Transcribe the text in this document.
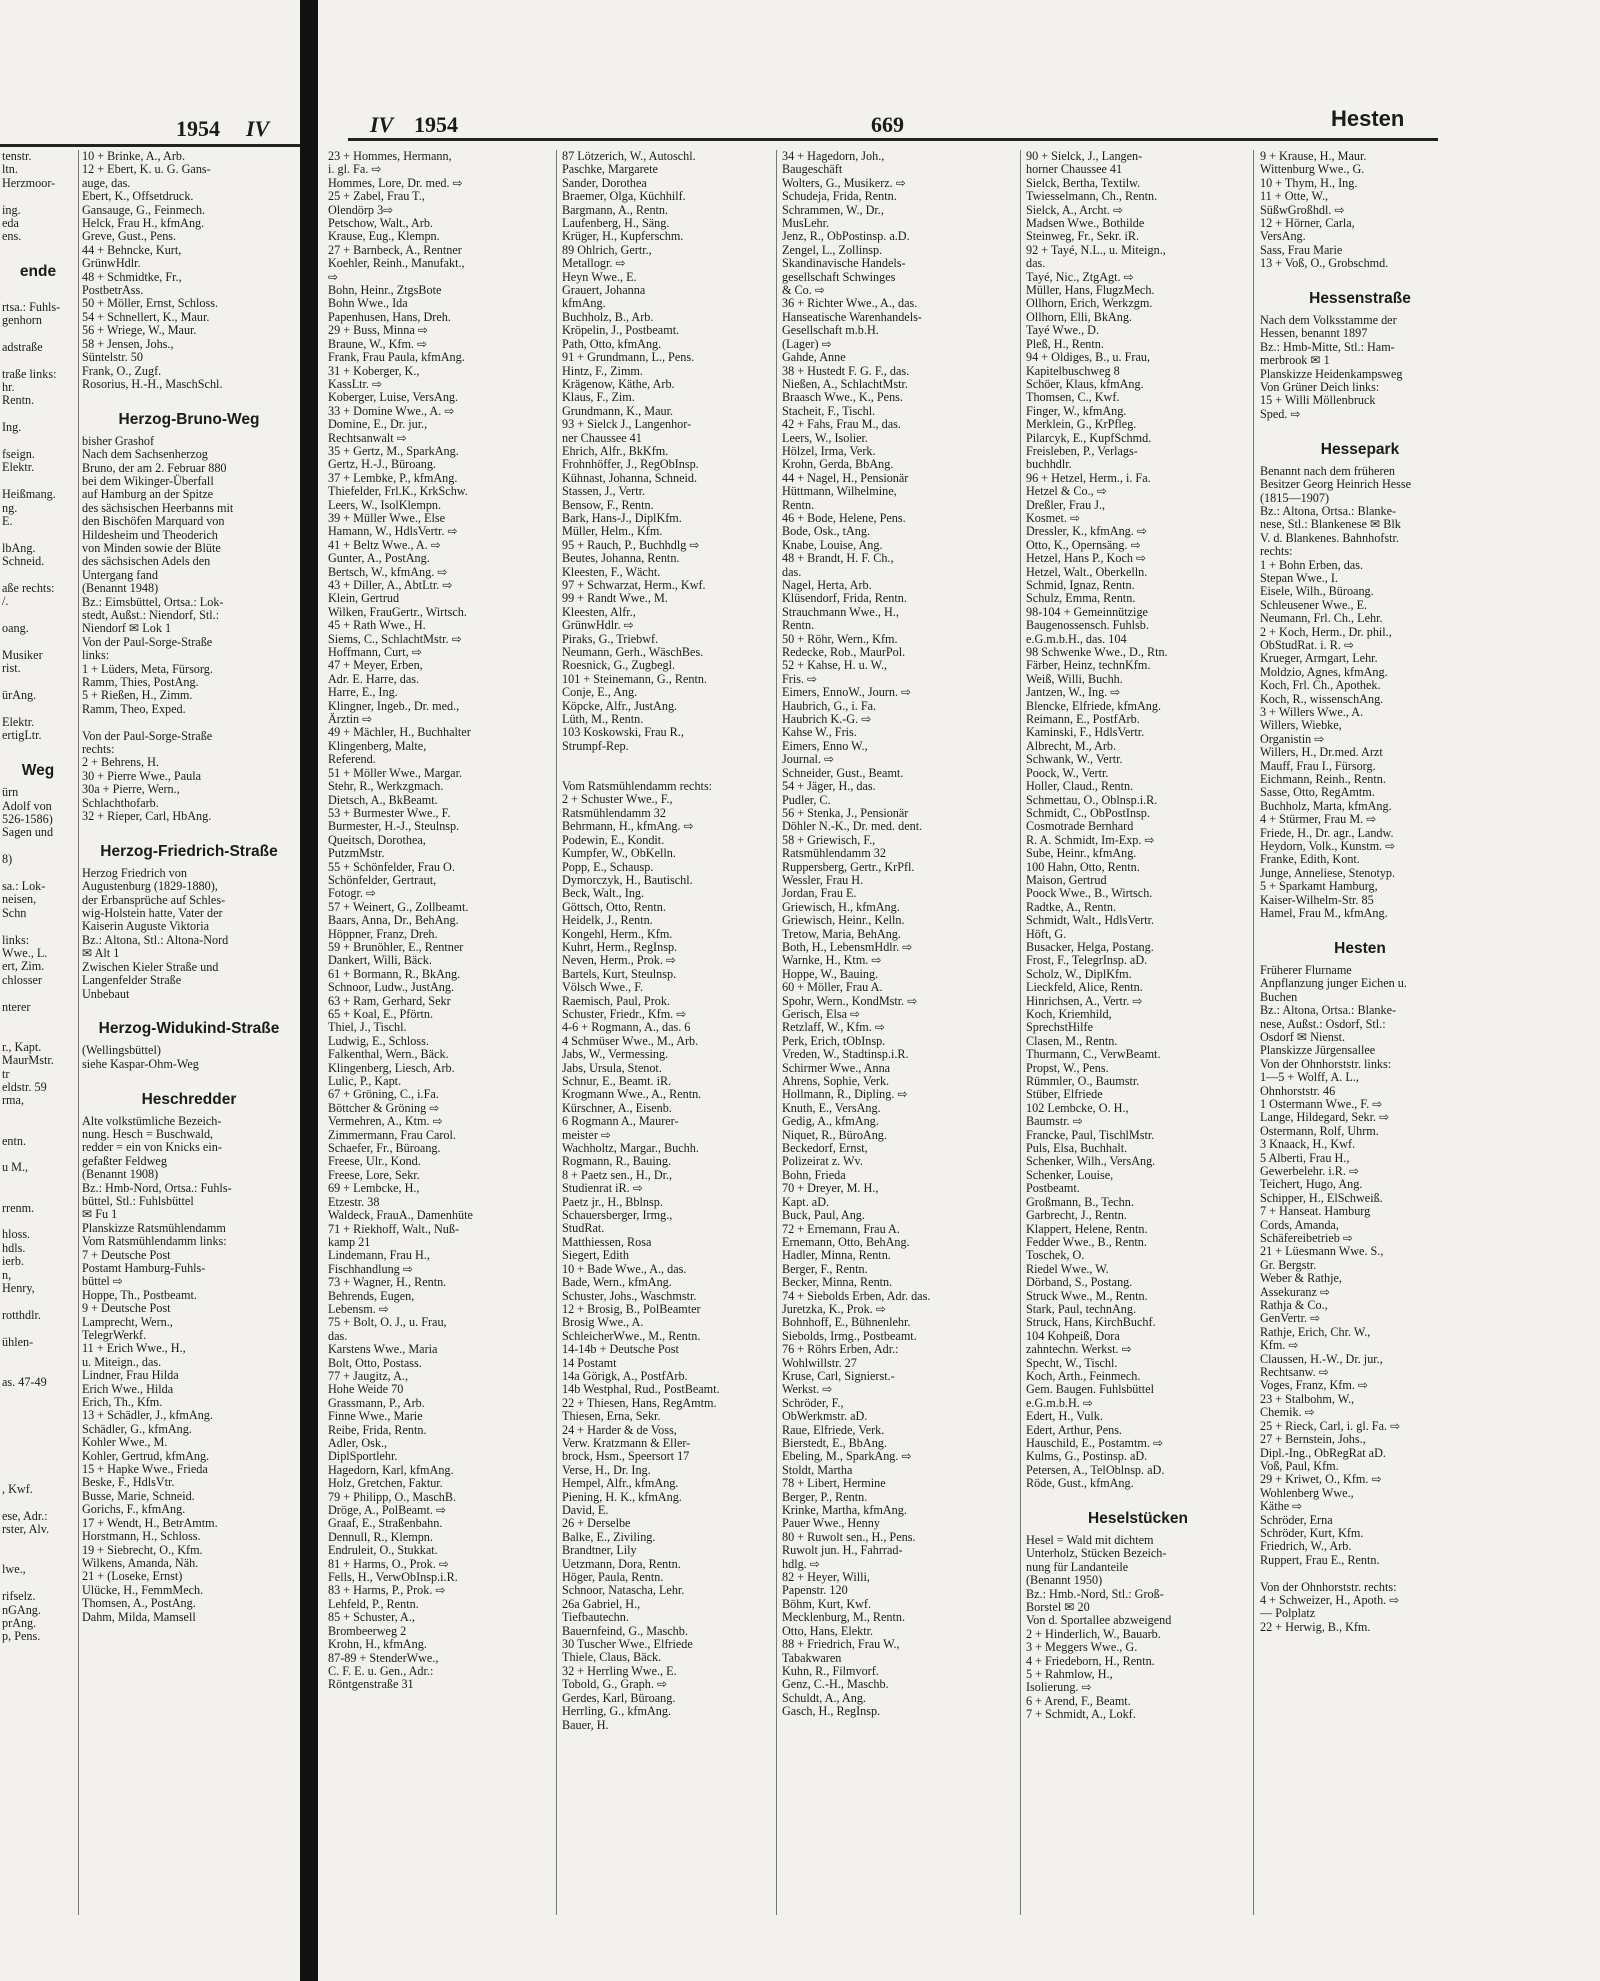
1954 IV
tenstr.
ltn.
Herzmoor-
ing.
eda
ens.
ende
rtsa.: Fuhls-
genhorn
adstraße
traße links:
hr.
Rentn.
Ing.
fseign.
Elektr.
Heißmang.
ng.
E.
lbAng.
Schneid.
aße rechts:
/.
oang.
Musiker
rist.
ürAng.
Elektr.
ertigLtr.
Weg
ürn
Adolf von
526-1586)
Sagen und
8)
sa.: Lok-
neisen,
Schn
links:
Wwe., L.
ert, Zim.
chlosser
nterer
r., Kapt.
MaurMstr.
tr
eldstr. 59
rma,
entn.
u M.,
rrenm.
hloss.
hdls.
ierb.
n,
Henry,
rotthdlr.
ühlen-
as. 47-49
, Kwf.
ese, Adr.:
rster, Alv.
lwe.,
rifselz.
nGAng.
prAng.
p, Pens.
10 + Brinke, A., Arb.
12 + Ebert, K. u. G. Gans-
auge, das.
Ebert, K., Offsetdruck.
Gansauge, G., Feinmech.
Helck, Frau H., kfmAng.
Greve, Gust., Pens.
44 + Behncke, Kurt,
GrünwHdlr.
48 + Schmidtke, Fr.,
PostbetrAss.
50 + Möller, Ernst, Schloss.
54 + Schnellert, K., Maur.
56 + Wriege, W., Maur.
58 + Jensen, Johs.,
Süntelstr. 50
Frank, O., Zugf.
Rosorius, H.-H., MaschSchl.
Herzog-Bruno-Weg
bisher Grashof
Nach dem Sachsenherzog
Bruno, der am 2. Februar 880
bei dem Wikinger-Überfall
auf Hamburg an der Spitze
des sächsischen Heerbanns mit
den Bischöfen Marquard von
Hildesheim und Theoderich
von Minden sowie der Blüte
des sächsischen Adels den
Untergang fand
(Benannt 1948)
Bz.: Eimsbüttel, Ortsa.: Lok-
stedt, Außst.: Niendorf, Stl.:
Niendorf ✉ Lok 1
Von der Paul-Sorge-Straße
links:
1 + Lüders, Meta, Fürsorg.
Ramm, Thies, PostAng.
5 + Rießen, H., Zimm.
Ramm, Theo, Exped.
Von der Paul-Sorge-Straße
rechts:
2 + Behrens, H.
30 + Pierre Wwe., Paula
30a + Pierre, Wern.,
Schlachthofarb.
32 + Rieper, Carl, HbAng.
Herzog-Friedrich-Straße
Herzog Friedrich von
Augustenburg (1829-1880),
der Erbansprüche auf Schles-
wig-Holstein hatte, Vater der
Kaiserin Auguste Viktoria
Bz.: Altona, Stl.: Altona-Nord
✉ Alt 1
Zwischen Kieler Straße und
Langenfelder Straße
Unbebaut
Herzog-Widukind-Straße
(Wellingsbüttel)
siehe Kaspar-Ohm-Weg
Heschredder
Alte volkstümliche Bezeich-
nung. Hesch = Buschwald,
redder = ein von Knicks ein-
gefaßter Feldweg
(Benannt 1908)
Bz.: Hmb-Nord, Ortsa.: Fuhls-
büttel, Stl.: Fuhlsbüttel
✉ Fu 1
Planskizze Ratsmühlendamm
Vom Ratsmühlendamm links:
7 + Deutsche Post
Postamt Hamburg-Fuhls-
büttel ⇨
Hoppe, Th., Postbeamt.
9 + Deutsche Post
Lamprecht, Wern.,
TelegrWerkf.
11 + Erich Wwe., H.,
u. Miteign., das.
Lindner, Frau Hilda
Erich Wwe., Hilda
Erich, Th., Kfm.
13 + Schädler, J., kfmAng.
Schädler, G., kfmAng.
Kohler Wwe., M.
Kohler, Gertrud, kfmAng.
15 + Hapke Wwe., Frieda
Beske, F., HdlsVtr.
Busse, Marie, Schneid.
Gorichs, F., kfmAng.
17 + Wendt, H., BetrAmtm.
Horstmann, H., Schloss.
19 + Siebrecht, O., Kfm.
Wilkens, Amanda, Näh.
21 + (Loseke, Ernst)
Ulücke, H., FemmMech.
Thomsen, A., PostAng.
Dahm, Milda, Mamsell
IV 1954	669	Hesten
23 + Hommes, Hermann,
i. gl. Fa. ⇨
Hommes, Lore, Dr. med. ⇨
25 + Zabel, Frau T.,
Olendörp 3⇨
Petschow, Walt., Arb.
Krause, Eug., Klempn.
27 + Barnbeck, A., Rentner
Koehler, Reinh., Manufakt.,
⇨
Bohn, Heinr., ZtgsBote
Bohn Wwe., Ida
Papenhusen, Hans, Dreh.
29 + Buss, Minna ⇨
Braune, W., Kfm. ⇨
Frank, Frau Paula, kfmAng.
31 + Koberger, K.,
KassLtr. ⇨
Koberger, Luise, VersAng.
33 + Domine Wwe., A. ⇨
Domine, E., Dr. jur.,
Rechtsanwalt ⇨
35 + Gertz, M., SparkAng.
Gertz, H.-J., Büroang.
37 + Lembke, P., kfmAng.
Thiefelder, Frl.K., KrkSchw.
Leers, W., IsolKlempn.
39 + Müller Wwe., Else
Hamann, W., HdlsVertr. ⇨
41 + Beltz Wwe., A. ⇨
Gunter, A., PostAng.
Bertsch, W., kfmAng. ⇨
43 + Diller, A., AbtLtr. ⇨
Klein, Gertrud
Wilken, FrauGertr., Wirtsch.
45 + Rath Wwe., H.
Siems, C., SchlachtMstr. ⇨
Hoffmann, Curt, ⇨
47 + Meyer, Erben,
Adr. E. Harre, das.
Harre, E., Ing.
Klingner, Ingeb., Dr. med.,
Ärztin ⇨
49 + Mächler, H., Buchhalter
Klingenberg, Malte,
Referend.
51 + Möller Wwe., Margar.
Stehr, R., Werkzgmach.
Dietsch, A., BkBeamt.
53 + Burmester Wwe., F.
Burmester, H.-J., Steulnsp.
Queitsch, Dorothea,
PutzmMstr.
55 + Schönfelder, Frau O.
Schönfelder, Gertraut,
Fotogr. ⇨
57 + Weinert, G., Zollbeamt.
Baars, Anna, Dr., BehAng.
Höppner, Franz, Dreh.
59 + Brunöhler, E., Rentner
Dankert, Willi, Bäck.
61 + Bormann, R., BkAng.
Schnoor, Ludw., JustAng.
63 + Ram, Gerhard, Sekr
65 + Koal, E., Pförtn.
Thiel, J., Tischl.
Ludwig, E., Schloss.
Falkenthal, Wern., Bäck.
Klingenberg, Liesch, Arb.
Lulic, P., Kapt.
67 + Gröning, C., i.Fa.
Böttcher & Gröning ⇨
Vermehren, A., Ktm. ⇨
Zimmermann, Frau Carol.
Schaefer, Fr., Büroang.
Freese, Ulr., Kond.
Freese, Lore, Sekr.
69 + Lembcke, H.,
Etzestr. 38
Waldeck, FrauA., Damenhüte
71 + Riekhoff, Walt., Nuß-
kamp 21
Lindemann, Frau H.,
Fischhandlung ⇨
73 + Wagner, H., Rentn.
Behrends, Eugen,
Lebensm. ⇨
75 + Bolt, O. J., u. Frau,
das.
Karstens Wwe., Maria
Bolt, Otto, Postass.
77 + Jaugitz, A.,
Hohe Weide 70
Grassmann, P., Arb.
Finne Wwe., Marie
Reibe, Frida, Rentn.
Adler, Osk.,
DiplSportlehr.
Hagedorn, Karl, kfmAng.
Holz, Gretchen, Faktur.
79 + Philipp, O., MaschB.
Dröge, A., PolBeamt. ⇨
Graaf, E., Straßenbahn.
Dennull, R., Klempn.
Endruleit, O., Stukkat.
81 + Harms, O., Prok. ⇨
Fells, H., VerwObInsp.i.R.
83 + Harms, P., Prok. ⇨
Lehfeld, P., Rentn.
85 + Schuster, A.,
Brombeerweg 2
Krohn, H., kfmAng.
87-89 + StenderWwe.,
C. F. E. u. Gen., Adr.:
Röntgenstraße 31
87 Lötzerich, W., Autoschl.
Paschke, Margarete
Sander, Dorothea
Braemer, Olga, Küchhilf.
Bargmann, A., Rentn.
Laufenberg, H., Säng.
Krüger, H., Kupferschm.
89 Ohlrich, Gertr.,
Metallogr. ⇨
Heyn Wwe., E.
Grauert, Johanna
kfmAng.
Buchholz, B., Arb.
Kröpelin, J., Postbeamt.
Path, Otto, kfmAng.
91 + Grundmann, L., Pens.
Hintz, F., Zimm.
Krägenow, Käthe, Arb.
Klaus, F., Zim.
Grundmann, K., Maur.
93 + Sielck J., Langenhor-
ner Chaussee 41
Ehrich, Alfr., BkKfm.
Frohnhöffer, J., RegObInsp.
Kühnast, Johanna, Schneid.
Stassen, J., Vertr.
Bensow, F., Rentn.
Bark, Hans-J., DiplKfm.
Müller, Helm., Kfm.
95 + Rauch, P., Buchhdlg ⇨
Beutes, Johanna, Rentn.
Kleesten, F., Wächt.
97 + Schwarzat, Herm., Kwf.
99 + Randt Wwe., M.
Kleesten, Alfr.,
GrünwHdlr. ⇨
Piraks, G., Triebwf.
Neumann, Gerh., WäschBes.
Roesnick, G., Zugbegl.
101 + Steinemann, G., Rentn.
Conje, E., Ang.
Köpcke, Alfr., JustAng.
Lüth, M., Rentn.
103 Koskowski, Frau R.,
Strumpf-Rep.
Vom Ratsmühlendamm rechts:
2 + Schuster Wwe., F.,
Ratsmühlendamm 32
Behrmann, H., kfmAng. ⇨
Podewin, E., Kondit.
Kumpfer, W., ObKelln.
Popp, E., Schausp.
Dymorczyk, H., Bautischl.
Beck, Walt., Ing.
Göttsch, Otto, Rentn.
Heidelk, J., Rentn.
Kongehl, Herm., Kfm.
Kuhrt, Herm., RegInsp.
Neven, Herm., Prok. ⇨
Bartels, Kurt, Steulnsp.
Völsch Wwe., F.
Raemisch, Paul, Prok.
Schuster, Friedr., Kfm. ⇨
4-6 + Rogmann, A., das. 6
4 Schmüser Wwe., M., Arb.
Jabs, W., Vermessing.
Jabs, Ursula, Stenot.
Schnur, E., Beamt. iR.
Krogmann Wwe., A., Rentn.
Kürschner, A., Eisenb.
6 Rogmann A., Maurer-
meister ⇨
Wachholtz, Margar., Buchh.
Rogmann, R., Bauing.
8 + Paetz sen., H., Dr.,
Studienrat iR. ⇨
Paetz jr., H., Bblnsp.
Schauersberger, Irmg.,
StudRat.
Matthiessen, Rosa
Siegert, Edith
10 + Bade Wwe., A., das.
Bade, Wern., kfmAng.
Schuster, Johs., Waschmstr.
12 + Brosig, B., PolBeamter
Brosig Wwe., A.
SchleicherWwe., M., Rentn.
14-14b + Deutsche Post
14 Postamt
14a Görigk, A., PostfArb.
14b Westphal, Rud., PostBeamt.
22 + Thiesen, Hans, RegAmtm.
Thiesen, Erna, Sekr.
24 + Harder & de Voss,
Verw. Kratzmann & Eller-
brock, Hsm., Speersort 17
Verse, H., Dr. Ing.
Hempel, Alfr., kfmAng.
Piening, H. K., kfmAng.
David, E.
26 + Derselbe
Balke, E., Ziviling.
Brandtner, Lily
Uetzmann, Dora, Rentn.
Höger, Paula, Rentn.
Schnoor, Natascha, Lehr.
26a Gabriel, H.,
Tiefbautechn.
Bauernfeind, G., Maschb.
30 Tuscher Wwe., Elfriede
Thiele, Claus, Bäck.
32 + Herrling Wwe., E.
Tobold, G., Graph. ⇨
Gerdes, Karl, Büroang.
Herrling, G., kfmAng.
Bauer, H.
34 + Hagedorn, Joh.,
Baugeschäft
Wolters, G., Musikerz. ⇨
Schudeja, Frida, Rentn.
Schrammen, W., Dr.,
MusLehr.
Jenz, R., ObPostinsp. a.D.
Zengel, L., Zollinsp.
Skandinavische Handels-
gesellschaft Schwinges
& Co. ⇨
36 + Richter Wwe., A., das.
Hanseatische Warenhandels-
Gesellschaft m.b.H.
(Lager) ⇨
Gahde, Anne
38 + Hustedt F. G. F., das.
Nießen, A., SchlachtMstr.
Braasch Wwe., K., Pens.
Stacheit, F., Tischl.
42 + Fahs, Frau M., das.
Leers, W., Isolier.
Hölzel, Irma, Verk.
Krohn, Gerda, BbAng.
44 + Nagel, H., Pensionär
Hüttmann, Wilhelmine,
Rentn.
46 + Bode, Helene, Pens.
Bode, Osk., tAng.
Knabe, Louise, Ang.
48 + Brandt, H. F. Ch.,
das.
Nagel, Herta, Arb.
Klüsendorf, Frida, Rentn.
Strauchmann Wwe., H.,
Rentn.
50 + Röhr, Wern., Kfm.
Redecke, Rob., MaurPol.
52 + Kahse, H. u. W.,
Fris. ⇨
Eimers, EnnoW., Journ. ⇨
Haubrich, G., i. Fa.
Haubrich K.-G. ⇨
Kahse W., Fris.
Eimers, Enno W.,
Journal. ⇨
Schneider, Gust., Beamt.
54 + Jäger, H., das.
Pudler, C.
56 + Stenka, J., Pensionär
Döhler N.-K., Dr. med. dent.
58 + Griewisch, F.,
Ratsmühlendamm 32
Ruppersberg, Gertr., KrPfl.
Wessler, Frau H.
Jordan, Frau E.
Griewisch, H., kfmAng.
Griewisch, Heinr., Kelln.
Tretow, Maria, BehAng.
Both, H., LebensmHdlr. ⇨
Warnke, H., Ktm. ⇨
Hoppe, W., Bauing.
60 + Möller, Frau A.
Spohr, Wern., KondMstr. ⇨
Gerisch, Elsa ⇨
Retzlaff, W., Kfm. ⇨
Perk, Erich, tObInsp.
Vreden, W., Stadtinsp.i.R.
Schirmer Wwe., Anna
Ahrens, Sophie, Verk.
Hollmann, R., Dipling. ⇨
Knuth, E., VersAng.
Gedig, A., kfmAng.
Niquet, R., BüroAng.
Beckedorf, Ernst,
Polizeirat z. Wv.
Bohn, Frieda
70 + Dreyer, M. H.,
Kapt. aD.
Buck, Paul, Ang.
72 + Ernemann, Frau A.
Ernemann, Otto, BehAng.
Hadler, Minna, Rentn.
Berger, F., Rentn.
Becker, Minna, Rentn.
74 + Siebolds Erben, Adr. das.
Juretzka, K., Prok. ⇨
Bohnhoff, E., Bühnenlehr.
Siebolds, Irmg., Postbeamt.
76 + Röhrs Erben, Adr.:
Wohlwillstr. 27
Kruse, Carl, Signierst.-
Werkst. ⇨
Schröder, F.,
ObWerkmstr. aD.
Raue, Elfriede, Verk.
Bierstedt, E., BbAng.
Ebeling, M., SparkAng. ⇨
Stoldt, Martha
78 + Libert, Hermine
Berger, P., Rentn.
Krinke, Martha, kfmAng.
Pauer Wwe., Henny
80 + Ruwolt sen., H., Pens.
Ruwolt jun. H., Fahrrad-
hdlg. ⇨
82 + Heyer, Willi,
Papenstr. 120
Böhm, Kurt, Kwf.
Mecklenburg, M., Rentn.
Otto, Hans, Elektr.
88 + Friedrich, Frau W.,
Tabakwaren
Kuhn, R., Filmvorf.
Genz, C.-H., Maschb.
Schuldt, A., Ang.
Gasch, H., RegInsp.
90 + Sielck, J., Langen-
horner Chaussee 41
Sielck, Bertha, Textilw.
Twiesselmann, Ch., Rentn.
Sielck, A., Archt. ⇨
Madsen Wwe., Bothilde
Steinweg, Fr., Sekr. iR.
92 + Tayé, N.L., u. Miteign.,
das.
Tayé, Nic., ZtgAgt. ⇨
Müller, Hans, FlugzMech.
Ollhorn, Erich, Werkzgm.
Ollhorn, Elli, BkAng.
Tayé Wwe., D.
Pleß, H., Rentn.
94 + Oldiges, B., u. Frau,
Kapitelbuschweg 8
Schöer, Klaus, kfmAng.
Thomsen, C., Kwf.
Finger, W., kfmAng.
Merklein, G., KrPfleg.
Pilarcyk, E., KupfSchmd.
Freisleben, P., Verlags-
buchhdlr.
96 + Hetzel, Herm., i. Fa.
Hetzel & Co., ⇨
Dreßler, Frau J.,
Kosmet. ⇨
Dressler, K., kfmAng. ⇨
Otto, K., Opernsäng. ⇨
Hetzel, Hans P., Koch ⇨
Hetzel, Walt., Oberkelln.
Schmid, Ignaz, Rentn.
Schulz, Emma, Rentn.
98-104 + Gemeinnützige
Baugenossensch. Fuhlsb.
e.G.m.b.H., das. 104
98 Schwenke Wwe., D., Rtn.
Färber, Heinz, technKfm.
Weiß, Willi, Buchh.
Jantzen, W., Ing. ⇨
Blencke, Elfriede, kfmAng.
Reimann, E., PostfArb.
Kaminski, F., HdlsVertr.
Albrecht, M., Arb.
Schwank, W., Vertr.
Poock, W., Vertr.
Holler, Claud., Rentn.
Schmettau, O., Oblnsp.i.R.
Schmidt, C., ObPostInsp.
Cosmotrade Bernhard
R. A. Schmidt, Im-Exp. ⇨
Sube, Heinr., kfmAng.
100 Hahn, Otto, Rentn.
Maison, Gertrud
Poock Wwe., B., Wirtsch.
Radtke, A., Rentn.
Schmidt, Walt., HdlsVertr.
Höft, G.
Busacker, Helga, Postang.
Frost, F., TelegrInsp. aD.
Scholz, W., DiplKfm.
Lieckfeld, Alice, Rentn.
Hinrichsen, A., Vertr. ⇨
Koch, Kriemhild,
SprechstHilfe
Clasen, M., Rentn.
Thurmann, C., VerwBeamt.
Propst, W., Pens.
Rümmler, O., Baumstr.
Stüber, Elfriede
102 Lembcke, O. H.,
Baumstr. ⇨
Francke, Paul, TischlMstr.
Puls, Elsa, Buchhalt.
Schenker, Wilh., VersAng.
Schenker, Louise,
Postbeamt.
Großmann, B., Techn.
Garbrecht, J., Rentn.
Klappert, Helene, Rentn.
Fedder Wwe., B., Rentn.
Toschek, O.
Riedel Wwe., W.
Dörband, S., Postang.
Struck Wwe., M., Rentn.
Stark, Paul, technAng.
Struck, Hans, KirchBuchf.
104 Kohpeiß, Dora
zahntechn. Werkst. ⇨
Specht, W., Tischl.
Koch, Arth., Feinmech.
Gem. Baugen. Fuhlsbüttel
e.G.m.b.H. ⇨
Edert, H., Vulk.
Edert, Arthur, Pens.
Hauschild, E., Postamtm. ⇨
Kulms, G., Postinsp. aD.
Petersen, A., TelOblnsp. aD.
Röde, Gust., kfmAng.
Heselstücken
Hesel = Wald mit dichtem
Unterholz, Stücken Bezeich-
nung für Landanteile
(Benannt 1950)
Bz.: Hmb.-Nord, Stl.: Groß-
Borstel ✉ 20
Von d. Sportallee abzweigend
2 + Hinderlich, W., Bauarb.
3 + Meggers Wwe., G.
4 + Friedeborn, H., Rentn.
5 + Rahmlow, H.,
Isolierung. ⇨
6 + Arend, F., Beamt.
7 + Schmidt, A., Lokf.
9 + Krause, H., Maur.
Wittenburg Wwe., G.
10 + Thym, H., Ing.
11 + Otte, W.,
SüßwGroßhdl. ⇨
12 + Hörner, Carla,
VersAng.
Sass, Frau Marie
13 + Voß, O., Grobschmd.
Hessenstraße
Nach dem Volksstamme der
Hessen, benannt 1897
Bz.: Hmb-Mitte, Stl.: Ham-
merbrook ✉ 1
Planskizze Heidenkampsweg
Von Grüner Deich links:
15 + Willi Möllenbruck
Sped. ⇨
Hessepark
Benannt nach dem früheren
Besitzer Georg Heinrich Hesse
(1815—1907)
Bz.: Altona, Ortsa.: Blanke-
nese, Stl.: Blankenese ✉ Blk
V. d. Blankenes. Bahnhofstr.
rechts:
1 + Bohn Erben, das.
Stepan Wwe., I.
Eisele, Wilh., Büroang.
Schleusener Wwe., E.
Neumann, Frl. Ch., Lehr.
2 + Koch, Herm., Dr. phil.,
ObStudRat. i. R. ⇨
Krueger, Armgart, Lehr.
Moldzio, Agnes, kfmAng.
Koch, Frl. Ch., Apothek.
Koch, R., wissenschAng.
3 + Willers Wwe., A.
Willers, Wiebke,
Organistin ⇨
Willers, H., Dr.med. Arzt
Mauff, Frau I., Fürsorg.
Eichmann, Reinh., Rentn.
Sasse, Otto, RegAmtm.
Buchholz, Marta, kfmAng.
4 + Stürmer, Frau M. ⇨
Friede, H., Dr. agr., Landw.
Heydorn, Volk., Kunstm. ⇨
Franke, Edith, Kont.
Junge, Anneliese, Stenotyp.
5 + Sparkamt Hamburg,
Kaiser-Wilhelm-Str. 85
Hamel, Frau M., kfmAng.
Hesten
Früherer Flurname
Anpflanzung junger Eichen u.
Buchen
Bz.: Altona, Ortsa.: Blanke-
nese, Außst.: Osdorf, Stl.:
Osdorf ✉ Nienst.
Planskizze Jürgensallee
Von der Ohnhorststr. links:
1—5 + Wolff, A. L.,
Ohnhorststr. 46
1 Ostermann Wwe., F. ⇨
Lange, Hildegard, Sekr. ⇨
Ostermann, Rolf, Uhrm.
3 Knaack, H., Kwf.
5 Alberti, Frau H.,
Gewerbelehr. i.R. ⇨
Teichert, Hugo, Ang.
Schipper, H., ElSchweiß.
7 + Hanseat. Hamburg
Cords, Amanda,
Schäfereibetrieb ⇨
21 + Lüesmann Wwe. S.,
Gr. Bergstr.
Weber & Rathje,
Assekuranz ⇨
Rathja & Co.,
GenVertr. ⇨
Rathje, Erich, Chr. W.,
Kfm. ⇨
Claussen, H.-W., Dr. jur.,
Rechtsanw. ⇨
Voges, Franz, Kfm. ⇨
23 + Stalbohm, W.,
Chemik. ⇨
25 + Rieck, Carl, i. gl. Fa. ⇨
27 + Bernstein, Johs.,
Dipl.-Ing., ObRegRat aD.
Voß, Paul, Kfm.
29 + Kriwet, O., Kfm. ⇨
Wohlenberg Wwe.,
Käthe ⇨
Schröder, Erna
Schröder, Kurt, Kfm.
Friedrich, W., Arb.
Ruppert, Frau E., Rentn.
Von der Ohnhorststr. rechts:
4 + Schweizer, H., Apoth. ⇨
— Polplatz
22 + Herwig, B., Kfm.
